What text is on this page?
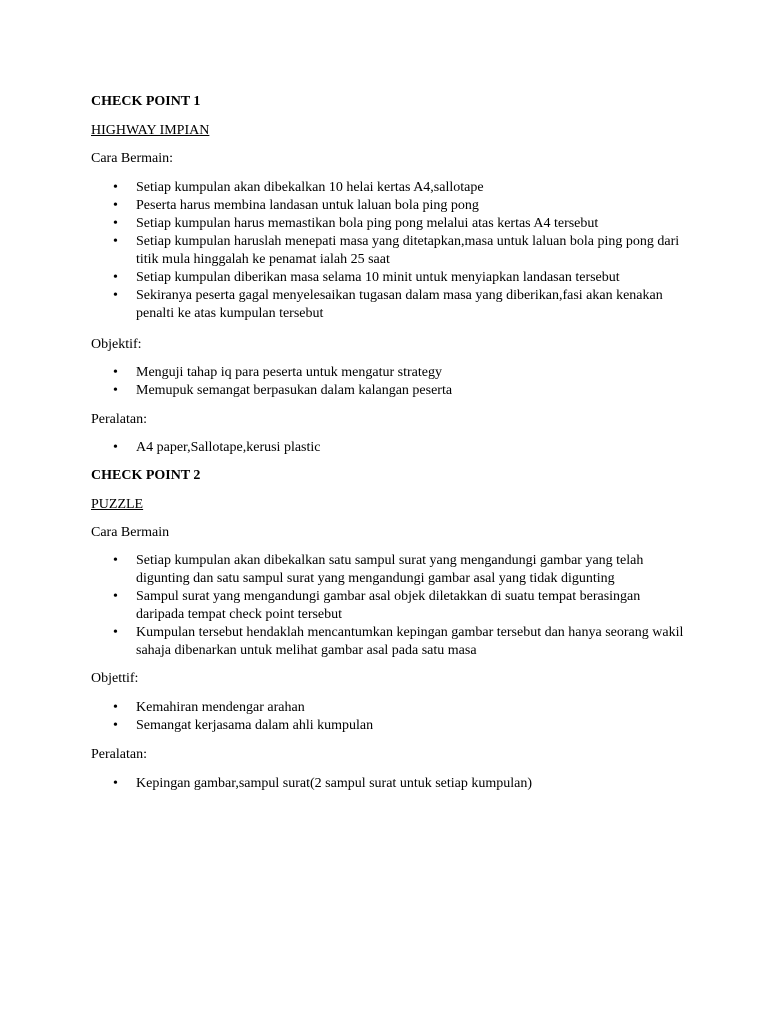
CHECK POINT 1
HIGHWAY IMPIAN
Cara Bermain:
• Setiap kumpulan akan dibekalkan 10 helai kertas A4,sallotape
• Peserta harus membina landasan untuk laluan bola ping pong
• Setiap kumpulan harus memastikan bola ping pong melalui atas kertas A4 tersebut
• Setiap kumpulan haruslah menepati masa yang ditetapkan,masa untuk laluan bola ping pong dari titik mula hinggalah ke penamat ialah 25 saat
• Setiap kumpulan diberikan masa selama 10 minit untuk menyiapkan landasan tersebut
• Sekiranya peserta gagal menyelesaikan tugasan dalam masa yang diberikan,fasi akan kenakan penalti ke atas kumpulan tersebut
Objektif:
• Menguji tahap iq para peserta untuk mengatur strategy
• Memupuk semangat berpasukan dalam kalangan peserta
Peralatan:
• A4 paper,Sallotape,kerusi plastic
CHECK POINT 2
PUZZLE
Cara Bermain
• Setiap kumpulan akan dibekalkan satu sampul surat yang mengandungi gambar yang telah digunting dan satu sampul surat yang mengandungi gambar asal yang tidak digunting
• Sampul surat yang mengandungi gambar asal objek diletakkan di suatu tempat berasingan daripada tempat check point tersebut
• Kumpulan tersebut hendaklah mencantumkan kepingan gambar tersebut dan hanya seorang wakil sahaja dibenarkan untuk melihat gambar asal pada satu masa
Objettif:
• Kemahiran mendengar arahan
• Semangat kerjasama dalam ahli kumpulan
Peralatan:
• Kepingan gambar,sampul surat(2 sampul surat untuk setiap kumpulan)
